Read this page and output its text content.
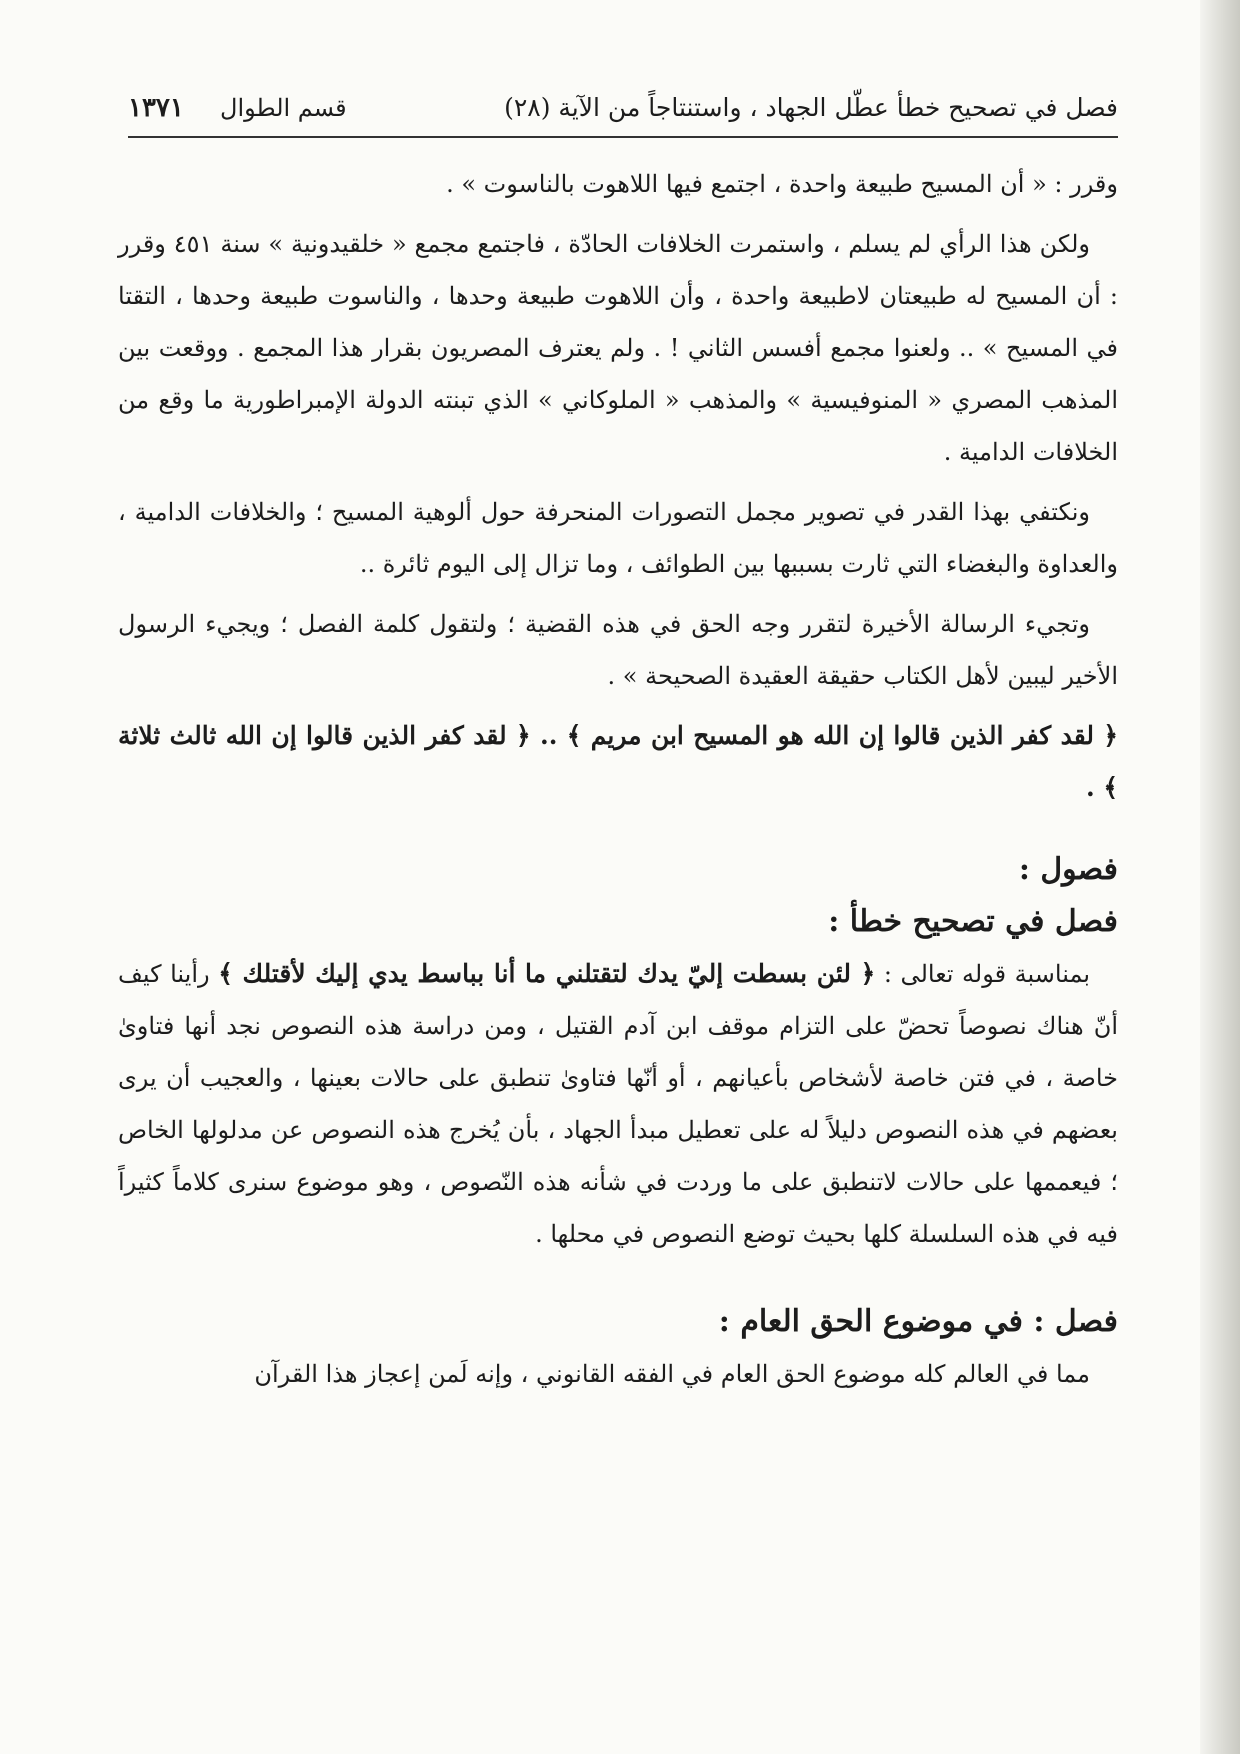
فصل في تصحيح خطأ عطّل الجهاد ، واستنتاجاً من الآية (٢٨)
قسم الطوال
١٣٧١

وقرر : « أن المسيح طبيعة واحدة ، اجتمع فيها اللاهوت بالناسوت » .

ولكن هذا الرأي لم يسلم ، واستمرت الخلافات الحادّة ، فاجتمع مجمع « خلقيدونية » سنة ٤٥١ وقرر : أن المسيح له طبيعتان لاطبيعة واحدة ، وأن اللاهوت طبيعة وحدها ، والناسوت طبيعة وحدها ، التقتا في المسيح » .. ولعنوا مجمع أفسس الثاني ! . ولم يعترف المصريون بقرار هذا المجمع . ووقعت بين المذهب المصري « المنوفيسية » والمذهب « الملوكاني » الذي تبنته الدولة الإمبراطورية ما وقع من الخلافات الدامية .

ونكتفي بهذا القدر في تصوير مجمل التصورات المنحرفة حول ألوهية المسيح ؛ والخلافات الدامية ، والعداوة والبغضاء التي ثارت بسببها بين الطوائف ، وما تزال إلى اليوم ثائرة ..

وتجيء الرسالة الأخيرة لتقرر وجه الحق في هذه القضية ؛ ولتقول كلمة الفصل ؛ ويجيء الرسول الأخير ليبين لأهل الكتاب حقيقة العقيدة الصحيحة » .

﴿ لقد كفر الذين قالوا إن الله هو المسيح ابن مريم ﴾ .. ﴿ لقد كفر الذين قالوا إن الله ثالث ثلاثة ﴾ .

فصول :
فصل في تصحيح خطأ :

بمناسبة قوله تعالى : ﴿ لئن بسطت إليّ يدك لتقتلني ما أنا بباسط يدي إليك لأقتلك ﴾ رأينا كيف أنّ هناك نصوصاً تحضّ على التزام موقف ابن آدم القتيل ، ومن دراسة هذه النصوص نجد أنها فتاوىٰ خاصة ، في فتن خاصة لأشخاص بأعيانهم ، أو أنّها فتاوىٰ تنطبق على حالات بعينها ، والعجيب أن يرى بعضهم في هذه النصوص دليلاً له على تعطيل مبدأ الجهاد ، بأن يُخرج هذه النصوص عن مدلولها الخاص ؛ فيعممها على حالات لاتنطبق على ما وردت في شأنه هذه النّصوص ، وهو موضوع سنرى كلاماً كثيراً فيه في هذه السلسلة كلها بحيث توضع النصوص في محلها .

فصل : في موضوع الحق العام :

مما في العالم كله موضوع الحق العام في الفقه القانوني ، وإنه لَمن إعجاز هذا القرآن
